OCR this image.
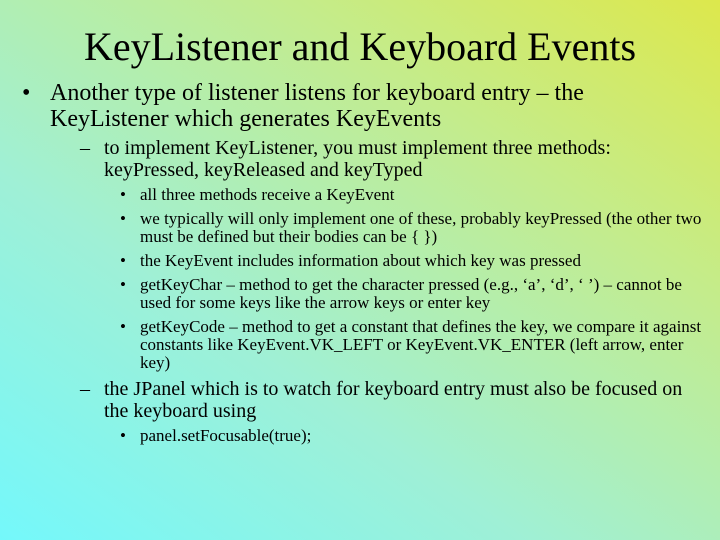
KeyListener and Keyboard Events
• Another type of listener listens for keyboard entry – the KeyListener which generates KeyEvents
– to implement KeyListener, you must implement three methods: keyPressed, keyReleased and keyTyped
• all three methods receive a KeyEvent
• we typically will only implement one of these, probably keyPressed (the other two must be defined but their bodies can be { })
• the KeyEvent includes information about which key was pressed
• getKeyChar – method to get the character pressed (e.g., ‘a’, ‘d’, ‘ ’) – cannot be used for some keys like the arrow keys or enter key
• getKeyCode – method to get a constant that defines the key, we compare it against constants like KeyEvent.VK_LEFT or KeyEvent.VK_ENTER (left arrow, enter key)
– the JPanel which is to watch for keyboard entry must also be focused on the keyboard using
• panel.setFocusable(true);
